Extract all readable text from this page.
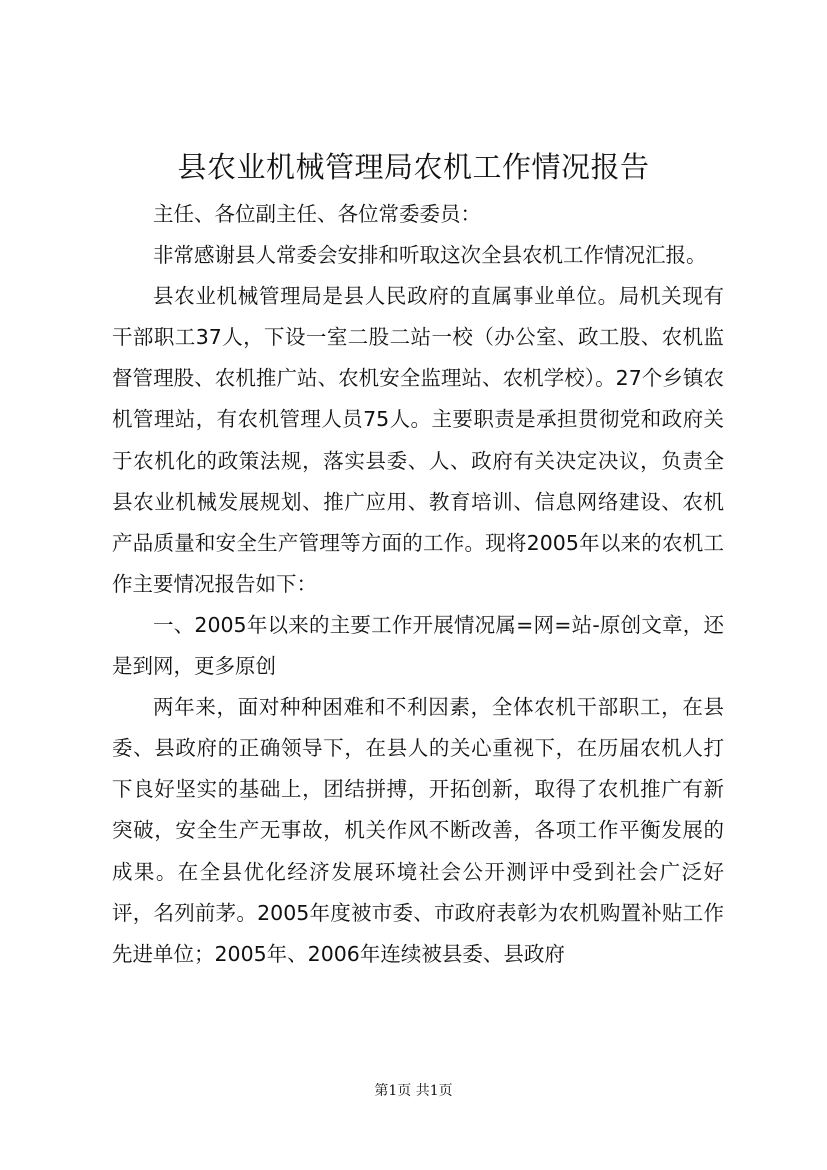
县农业机械管理局农机工作情况报告

主任、各位副主任、各位常委委员：

非常感谢县人常委会安排和听取这次全县农机工作情况汇报。

县农业机械管理局是县人民政府的直属事业单位。局机关现有干部职工37人，下设一室二股二站一校（办公室、政工股、农机监督管理股、农机推广站、农机安全监理站、农机学校）。27个乡镇农机管理站，有农机管理人员75人。主要职责是承担贯彻党和政府关于农机化的政策法规，落实县委、人、政府有关决定决议，负责全县农业机械发展规划、推广应用、教育培训、信息网络建设、农机产品质量和安全生产管理等方面的工作。现将2005年以来的农机工作主要情况报告如下：

一、2005年以来的主要工作开展情况属=网=站-原创文章，还是到网，更多原创

两年来，面对种种困难和不利因素，全体农机干部职工，在县委、县政府的正确领导下，在县人的关心重视下，在历届农机人打下良好坚实的基础上，团结拼搏，开拓创新，取得了农机推广有新突破，安全生产无事故，机关作风不断改善，各项工作平衡发展的成果。在全县优化经济发展环境社会公开测评中受到社会广泛好评，名列前茅。2005年度被市委、市政府表彰为农机购置补贴工作先进单位；2005年、2006年连续被县委、县政府

第1页 共1页
